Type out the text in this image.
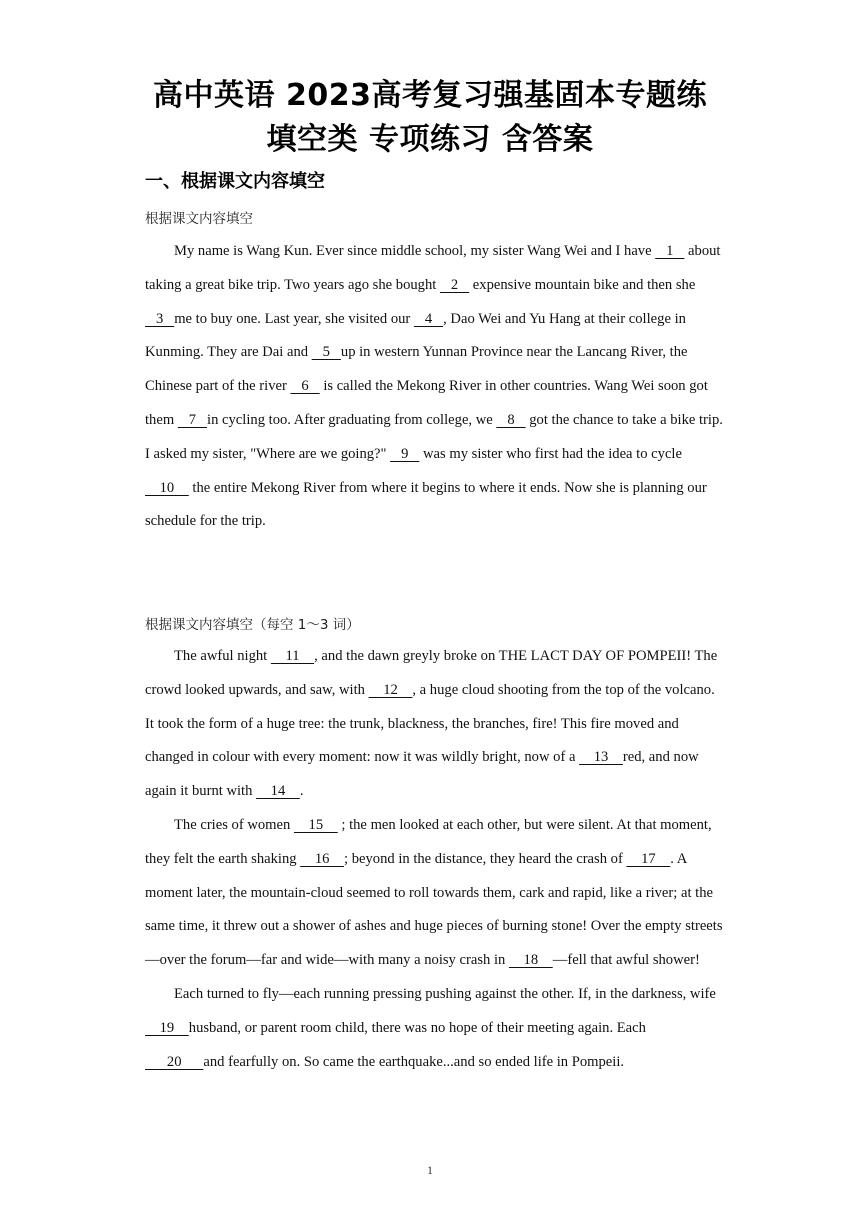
高中英语 2023高考复习强基固本专题练
填空类 专项练习 含答案
一、根据课文内容填空
根据课文内容填空

My name is Wang Kun. Ever since middle school, my sister Wang Wei and I have    1    about taking a great bike trip. Two years ago she bought    2    expensive mountain bike and then she    3   me to buy one. Last year, she visited our    4   , Dao Wei and Yu Hang at their college in Kunming. They are Dai and    5   up in western Yunnan Province near the Lancang River, the Chinese part of the river    6    is called the Mekong River in other countries. Wang Wei soon got them    7   in cycling too. After graduating from college, we    8    got the chance to take a bike trip. I asked my sister, "Where are we going?"    9    was my sister who first had the idea to cycle     10     the entire Mekong River from where it begins to where it ends. Now she is planning our schedule for the trip.

根据课文内容填空（每空 1～3 词）

The awful night     11    , and the dawn greyly broke on THE LACT DAY OF POMPEII! The crowd looked upwards, and saw, with     12    , a huge cloud shooting from the top of the volcano. It took the form of a huge tree: the trunk, blackness, the branches, fire! This fire moved and changed in colour with every moment: now it was wildly bright, now of a     13    red, and now again it burnt with     14    .

The cries of women     15     ; the men looked at each other, but were silent. At that moment, they felt the earth shaking     16    ; beyond in the distance, they heard the crash of     17    . A moment later, the mountain-cloud seemed to roll towards them, cark and rapid, like a river; at the same time, it threw out a shower of ashes and huge pieces of burning stone! Over the empty streets—over the forum—far and wide—with many a noisy crash in     18    —fell that awful shower!

Each turned to fly—each running pressing pushing against the other. If, in the darkness, wife     19    husband, or parent room child, there was no hope of their meeting again. Each       20      and fearfully on. So came the earthquake...and so ended life in Pompeii.

1
